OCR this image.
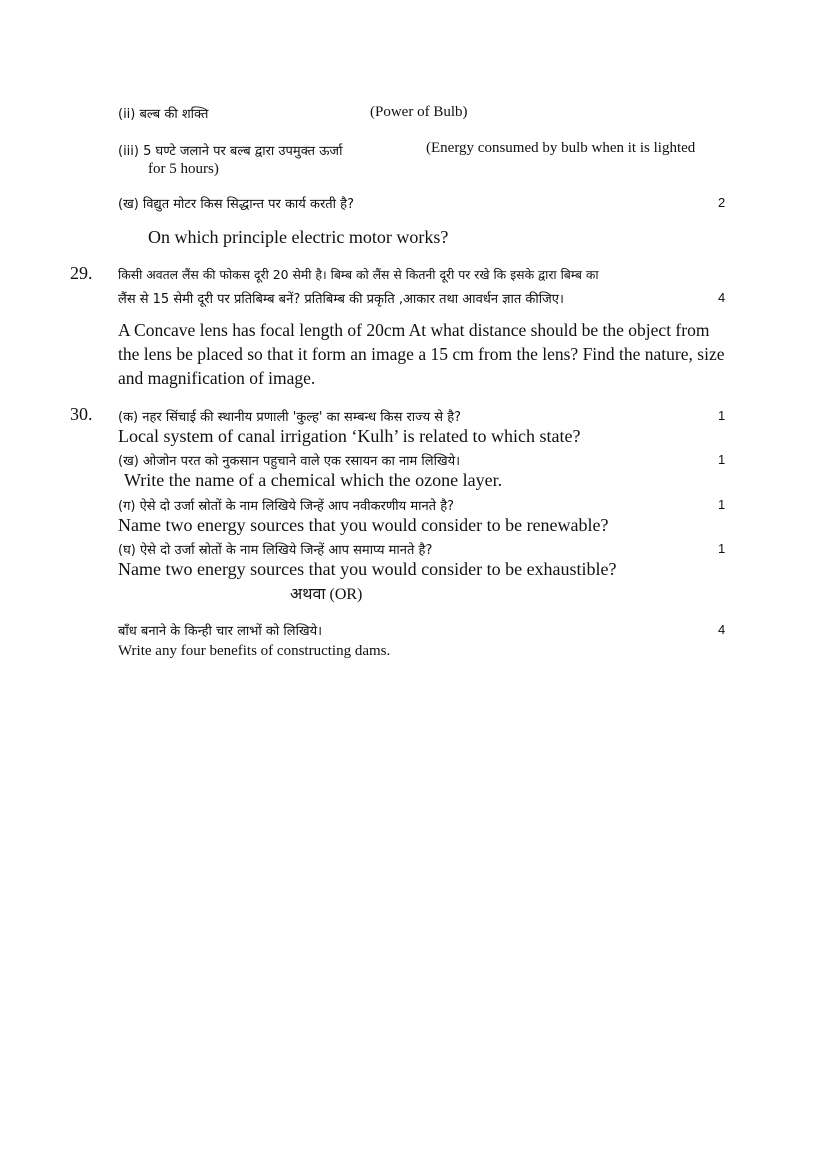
(ii) बल्ब की शक्ति	(Power of Bulb)
(iii) 5 घण्टे जलाने पर बल्ब द्वारा उपमुक्त ऊर्जा	(Energy consumed by bulb when it is lighted
for 5 hours)
(ख) विद्युत मोटर किस सिद्धान्त पर कार्य करती है?	2
On which principle electric motor works?
29. किसी अवतल लैंस की फोकस दूरी 20 सेमी है। बिम्ब को लैंस से कितनी दूरी पर रखे कि इसके द्वारा बिम्ब का
लैंस से 15 सेमी दूरी पर प्रतिबिम्ब बनें? प्रतिबिम्ब की प्रकृति ,आकार तथा आवर्धन ज्ञात कीजिए।	4
A Concave lens has focal length of 20cm At what distance should be the object from
the lens be placed so that it form an image a 15 cm from the lens? Find the nature, size
and magnification of image.
30. (क) नहर सिंचाई की स्थानीय प्रणाली 'कुल्ह' का सम्बन्ध किस राज्य से है?	1
Local system of canal irrigation ‘Kulh’ is related to which state?
(ख) ओजोन परत को नुकसान पहुचाने वाले एक रसायन का नाम लिखिये।	1
Write the name of a chemical which the ozone layer.
(ग) ऐसे दो उर्जा स्रोतों के नाम लिखिये जिन्हें आप नवीकरणीय मानते है?	1
Name two energy sources that you would consider to be renewable?
(घ) ऐसे दो उर्जा स्रोतों के नाम लिखिये जिन्हें आप समाप्य मानते है?	1
Name two energy sources that you would consider to be exhaustible?
अथवा (OR)
बाँध बनाने के किन्ही चार लाभों को लिखिये।	4
Write any four benefits of constructing dams.
